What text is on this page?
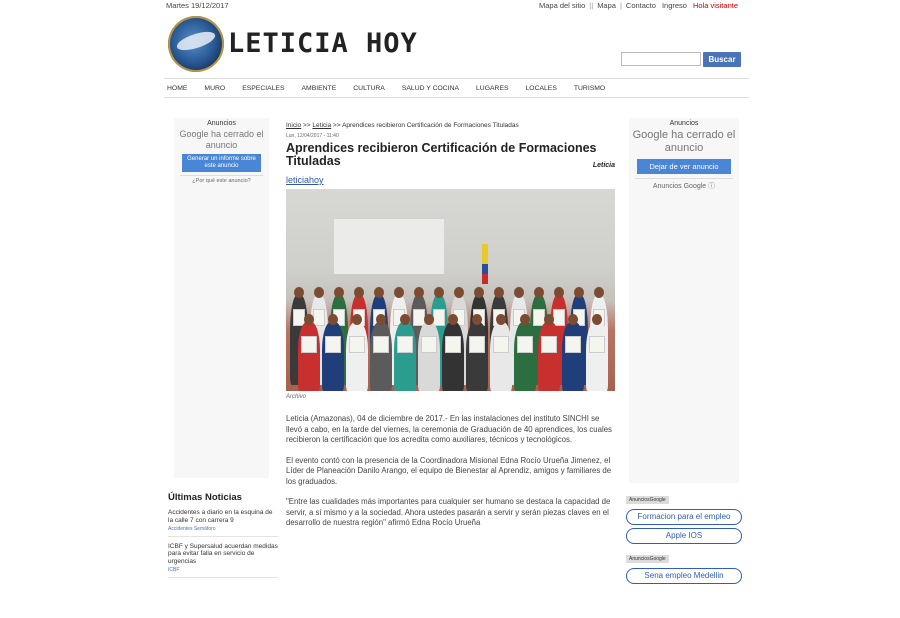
Martes 19/12/2017	Mapa del sitio || Mapa | Contacto Ingreso Hola visitante
LETICIA HOY
Buscar
HOME	MURO	ESPECIALES	AMBIENTE	CULTURA	SALUD Y COCINA	LUGARES	LOCALES	TURISMO
Anuncios
Google ha cerrado el anuncio
Generar un informe sobre este anuncio
¿Por qué este anuncio?
Anuncios
Google ha cerrado el anuncio
Dejar de ver anuncio
Anuncios Google ⓘ
Inicio >> Leticia >> Aprendices recibieron Certificación de Formaciones Tituladas
Lun, 12/04/2017 - 11:40
Aprendices recibieron Certificación de Formaciones Tituladas	Leticia
leticiahoy
Archivo

Leticia (Amazonas), 04 de diciembre de 2017.- En las instalaciones del instituto SINCHI se llevó a cabo, en la tarde del viernes, la ceremonia de Graduación de 40 aprendices, los cuales recibieron la certificación que los acredita como auxiliares, técnicos y tecnológicos.

El evento contó con la presencia de la Coordinadora Misional Edna Rocío Urueña Jimenez, el Líder de Planeación Danilo Arango, el equipo de Bienestar al Aprendiz, amigos y familiares de los graduados.

"Entre las cualidades más importantes para cualquier ser humano se destaca la capacidad de servir, a sí mismo y a la sociedad. Ahora ustedes pasarán a servir y serán piezas claves en el desarrollo de nuestra región" afirmó Edna Rocío Urueña

Últimas Noticias
Accidentes a diario en la esquina de la calle 7 con carrera 9
Accidentes Semáforo
ICBF y Supersalud acuerdan medidas para evitar falla en servicio de urgencias
ICBF
AnunciosGoogle
Formacion para el empleo
Apple IOS
AnunciosGoogle
Sena empleo Medellin
